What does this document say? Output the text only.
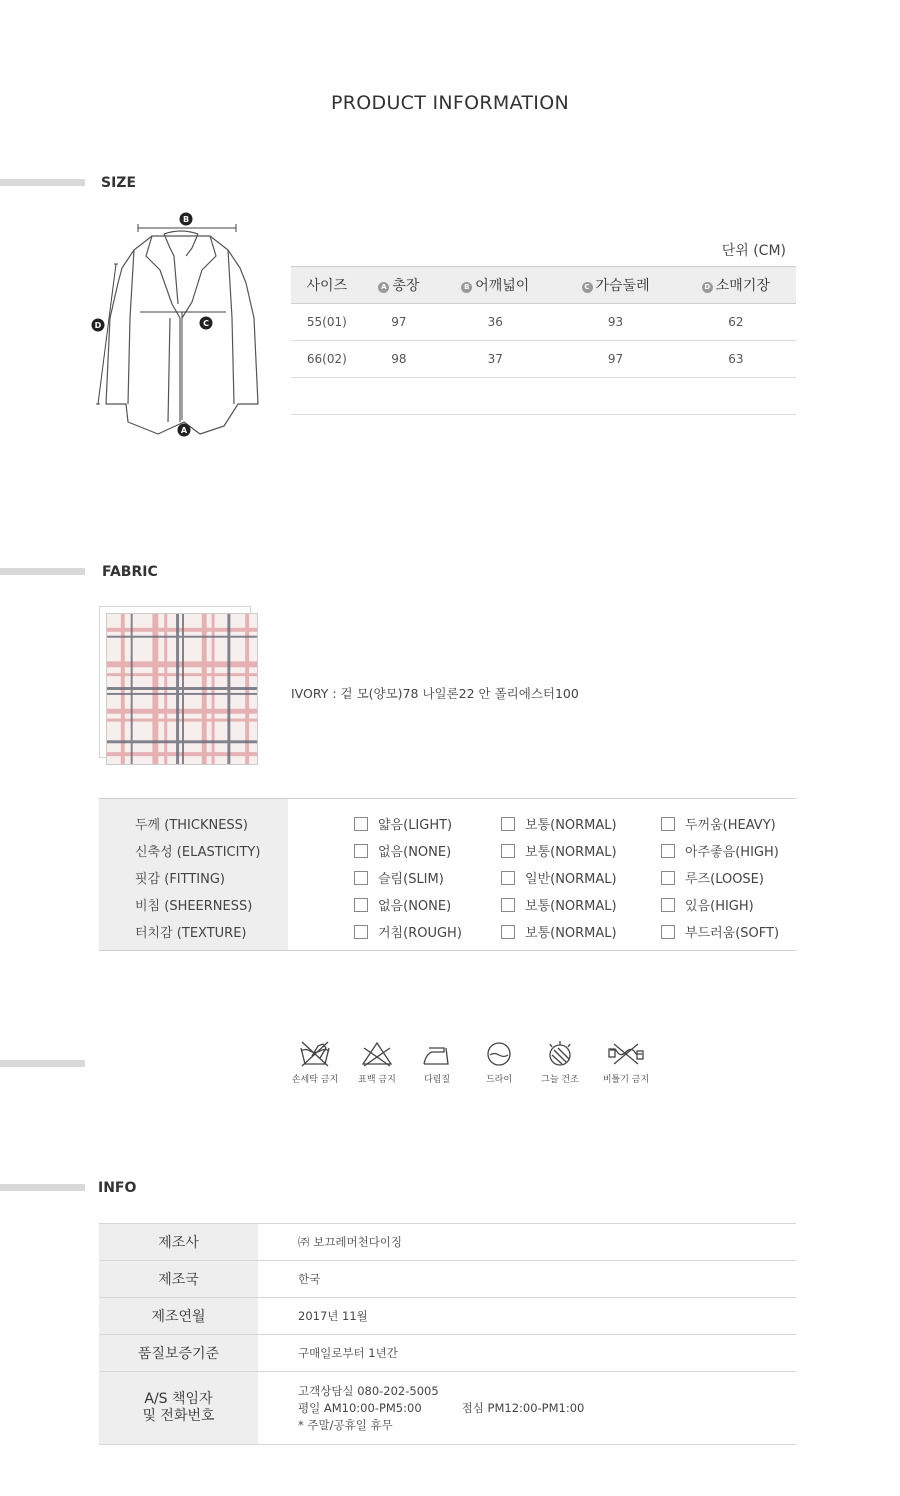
PRODUCT INFORMATION
SIZE
B
C
D
A
단위 (CM)
사이즈	A 총장	B 어깨넓이	C 가슴둘레	D 소매기장
55(01)	97	36	93	62
66(02)	98	37	97	63

FABRIC
IVORY : 겉 모(양모)78 나일론22 안 폴리에스터100
두께 (THICKNESS)	얇음(LIGHT)	보통(NORMAL)	두꺼움(HEAVY)
신축성 (ELASTICITY)	없음(NONE)	보통(NORMAL)	아주좋음(HIGH)
핏감 (FITTING)	슬림(SLIM)	일반(NORMAL)	루즈(LOOSE)
비침 (SHEERNESS)	없음(NONE)	보통(NORMAL)	있음(HIGH)
터치감 (TEXTURE)	거침(ROUGH)	보통(NORMAL)	부드러움(SOFT)
손세탁 금지	표백 금지	다림질	드라이	그늘 건조	비틀기 금지
INFO
제조사	㈜ 보끄레머천다이징
제조국	한국
제조연월	2017년 11월
품질보증기준	구매일로부터 1년간

A/S 책임자
및 전화번호	고객상담실 080-202-5005
평일 AM10:00-PM5:00 점심 PM12:00-PM1:00
* 주말/공휴일 휴무
